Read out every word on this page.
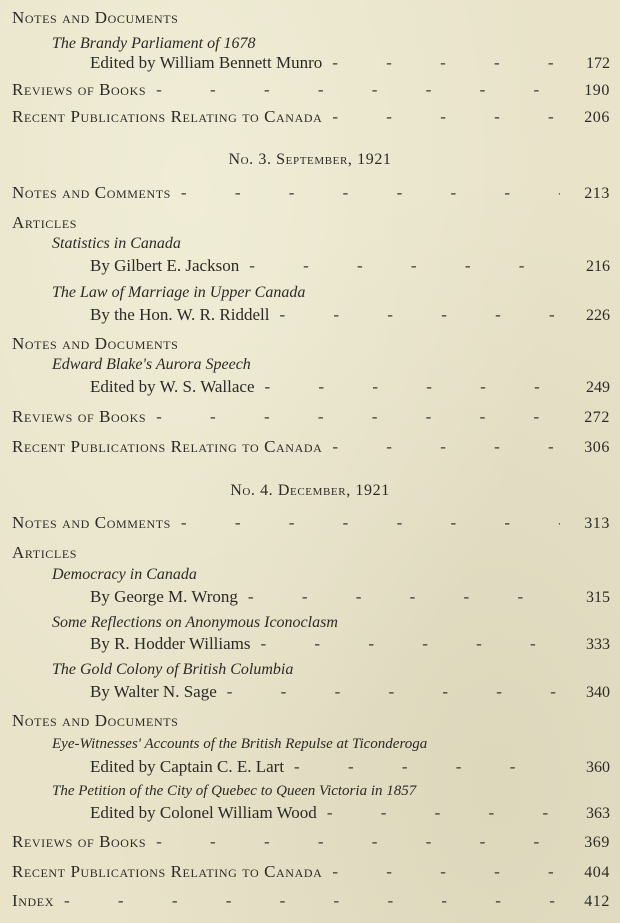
Notes and Documents
The Brandy Parliament of 1678
Edited by William Bennett Munro - - -	172
Reviews of Books - - -	190
Recent Publications Relating to Canada - - -	206
No. 3. September, 1921
Notes and Comments - - -	213
Articles
Statistics in Canada
By Gilbert E. Jackson - - -	216
The Law of Marriage in Upper Canada
By the Hon. W. R. Riddell - - -	226
Notes and Documents
Edward Blake's Aurora Speech
Edited by W. S. Wallace - - -	249
Reviews of Books - - -	272
Recent Publications Relating to Canada - - -	306
No. 4. December, 1921
Notes and Comments - - -	313
Articles
Democracy in Canada
By George M. Wrong - - -	315
Some Reflections on Anonymous Iconoclasm
By R. Hodder Williams - - -	333
The Gold Colony of British Columbia
By Walter N. Sage - - -	340
Notes and Documents
Eye-Witnesses' Accounts of the British Repulse at Ticonderoga
Edited by Captain C. E. Lart - - -	360
The Petition of the City of Quebec to Queen Victoria in 1857
Edited by Colonel William Wood - - -	363
Reviews of Books - - -	369
Recent Publications Relating to Canada - - -	404
Index - - -	412
